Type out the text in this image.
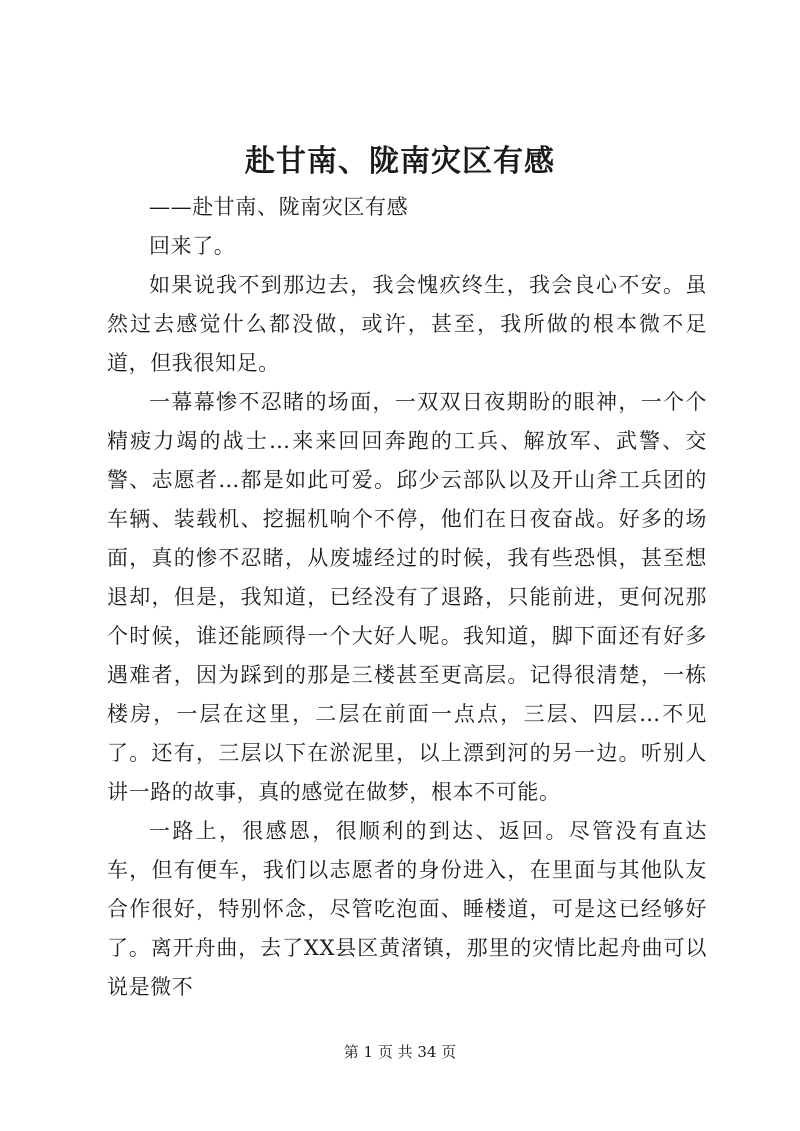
赴甘南、陇南灾区有感

——赴甘南、陇南灾区有感

回来了。

如果说我不到那边去，我会愧疚终生，我会良心不安。虽然过去感觉什么都没做，或许，甚至，我所做的根本微不足道，但我很知足。

一幕幕惨不忍睹的场面，一双双日夜期盼的眼神，一个个精疲力竭的战士…来来回回奔跑的工兵、解放军、武警、交警、志愿者…都是如此可爱。邱少云部队以及开山斧工兵团的车辆、装载机、挖掘机响个不停，他们在日夜奋战。好多的场面，真的惨不忍睹，从废墟经过的时候，我有些恐惧，甚至想退却，但是，我知道，已经没有了退路，只能前进，更何况那个时候，谁还能顾得一个大好人呢。我知道，脚下面还有好多遇难者，因为踩到的那是三楼甚至更高层。记得很清楚，一栋楼房，一层在这里，二层在前面一点点，三层、四层…不见了。还有，三层以下在淤泥里，以上漂到河的另一边。听别人讲一路的故事，真的感觉在做梦，根本不可能。

一路上，很感恩，很顺利的到达、返回。尽管没有直达车，但有便车，我们以志愿者的身份进入，在里面与其他队友合作很好，特别怀念，尽管吃泡面、睡楼道，可是这已经够好了。离开舟曲，去了XX县区黄渚镇，那里的灾情比起舟曲可以说是微不

第 1 页 共 34 页
